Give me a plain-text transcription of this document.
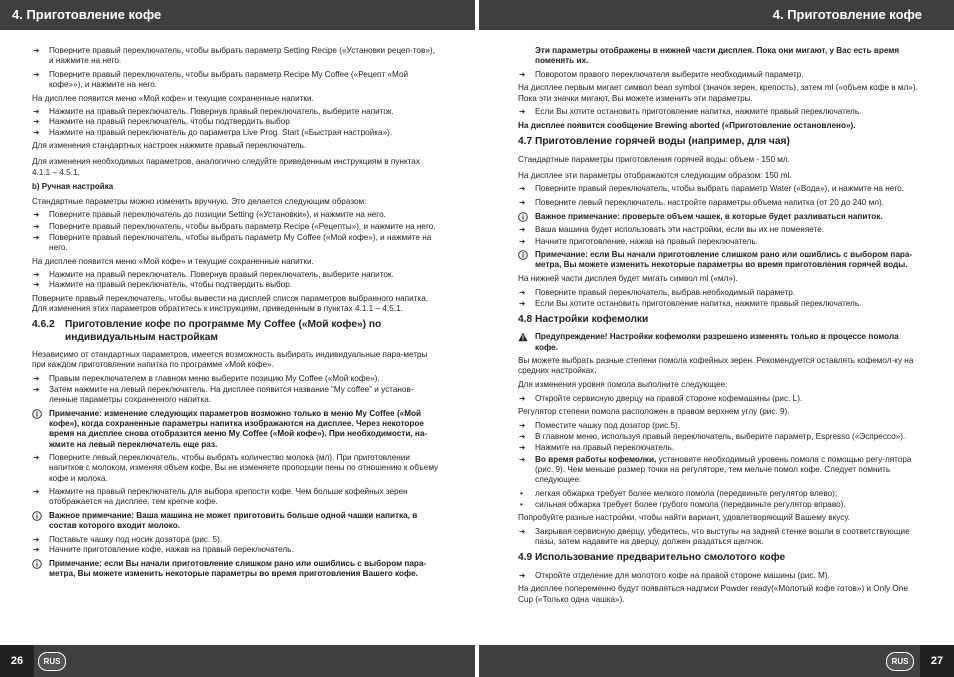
4. Приготовление кофе	4. Приготовление кофе
➔ Поверните правый переключатель, чтобы выбрать параметр Setting Recipe («Установки рецеп-тов»), и нажмите на него.
➔ Поверните правый переключатель, чтобы выбрать параметр Recipe My Coffee («Рецепт «Мой кофе»»), и нажмите на него.
На дисплее появится меню «Мой кофе» и текущие сохраненные напитки.
➔ Нажмите на правый переключатель. Повернув правый переключатель, выберите напиток.
➔ Нажмите на правый переключатель, чтобы подтвердить выбор
➔ Нажмите на правый переключатель до параметра Live Prog. Start («Быстрая настройка»).
Для изменения стандартных настроек нажмите правый переключатель.
Для изменения необходимых параметров, аналогично следуйте приведенным инструкциям в пунктах 4.1.1 – 4.5.1.
b) Ручная настройка
Стандартные параметры можно изменить вручную. Это делается следующим образом:
➔ Поверните правый переключатель до позиции Setting («Установки»), и нажмите на него.
➔ Поверните правый переключатель, чтобы выбрать параметр Recipe («Рецепты»), и нажмите на него.
➔ Поверните правый переключатель, чтобы выбрать параметр My Coffee («Мой кофе»), и нажмите на него.
На дисплее появится меню «Мой кофе» и текущие сохраненные напитки.
➔ Нажмите на правый переключатель. Повернув правый переключатель, выберите напиток.
➔ Нажмите на правый переключатель, чтобы подтвердить выбор.
Поверните правый переключатель, чтобы вывести на дисплей список параметров выбранного напитка. Для изменения этих параметров обратитесь к инструкциям, приведенным в пунктах 4.1.1 – 4.5.1.
4.6.2 Приготовление кофе по программе My Coffee («Мой кофе») по индивидуальным настройкам
Независимо от стандартных параметров, имеется возможность выбирать индивидуальные пара-метры при каждом приготовлении напитка по программе «Мой кофе».
➔ Правым переключателем в главном меню выберите позицию My Coffee («Мой кофе»).
➔ Затем нажмите на левый переключатель. На дисплее появится название “My coffee” и установ-ленные параметры сохраненного напитка.
Примечание: изменение следующих параметров возможно только в меню My Coffee («Мой кофе»), когда сохраненные параметры напитка изображаются на дисплее. Через некоторое время на дисплее снова отобразится меню My Coffee («Мой кофе»). При необходимости, на-жмите на левый переключатель еще раз.
➔ Поверните левый переключатель, чтобы выбрать количество молока (мл). При приготовлении напитков с молоком, изменяя объем кофе, Вы не изменяете пропорции пены по отношению к объему кофе и молока.
➔ Нажмите на правый переключатель для выбора крепости кофе. Чем больше кофейных зерен отображается на дисплее, тем крепче кофе.
Важное примечание: Ваша машина не может приготовить больше одной чашки напитка, в состав которого входит молоко.
➔ Поставьте чашку под носик дозатора (рис. 5).
➔ Начните приготовление кофе, нажав на правый переключатель.
Примечание: если Вы начали приготовление слишком рано или ошиблись с выбором пара-метра, Вы можете изменить некоторые параметры во время приготовления Вашего кофе.
Эти параметры отображены в нижней части дисплея. Пока они мигают, у Вас есть время поменять их.
➔ Поворотом правого переключателя выберите необходимый параметр.
На дисплее первым мигает символ bean symbol (значок зерен, крепость), затем ml («объем кофе в мл»). Пока эти значки мигают, Вы можете изменить эти параметры.
➔ Если Вы хотите остановить приготовление напитка, нажмите правый переключатель.
На дисплее появится сообщение Brewing aborted («Приготовление остановлено»).
4.7 Приготовление горячей воды (например, для чая)
Стандартные параметры приготовления горячей воды: объем - 150 мл.
На дисплее эти параметры отображаются следующим образом: 150 ml.
➔ Поверните правый переключатель, чтобы выбрать параметр Water («Вода»), и нажмите на него.
➔ Поверните левый переключатель, настройте параметры объема напитка (от 20 до 240 мл).
Важное примечание: проверьте объем чашек, в которые будет разливаться напиток.
➔ Ваша машина будет использовать эти настройки, если вы их не поменяете.
➔ Начните приготовление, нажав на правый переключатель.
Примечание: если Вы начали приготовление слишком рано или ошиблись с выбором пара-метра, Вы можете изменить некоторые параметры во время приготовления горячей воды.
На нижней части дисплея будет мигать символ ml («мл»).
➔ Поверните правый переключатель, выбрав необходимый параметр.
➔ Если Вы хотите остановить приготовление напитка, нажмите правый переключатель.
4.8 Настройки кофемолки
Предупреждение! Настройки кофемолки разрешено изменять только в процессе помола кофе.
Вы можете выбрать разные степени помола кофейных зерен. Рекомендуется оставлять кофемол-ку на средних настройках.
Для изменения уровня помола выполните следующее:
➔ Откройте сервисную дверцу на правой стороне кофемашины (рис. L).
Регулятор степени помола расположен в правом верхнем углу (рис. 9).
➔ Поместите чашку под дозатор (рис.5).
➔ В главном меню, используя правый переключатель, выберите параметр, Espresso («Эспрессо»).
➔ Нажмите на правый переключатель.
➔ Во время работы кофемолки, установите необходимый уровень помола с помощью регу-лятора (рис. 9). Чем меньше размер точки на регуляторе, тем мельче помол кофе. Следует помнить следующее:
• легкая обжарка требует более мелкого помола (передвиньте регулятор влево);
• сильная обжарка требует более грубого помола (передвиньте регулятор вправо).
Попробуйте разные настройки, чтобы найти вариант, удовлетворяющий Вашему вкусу.
➔ Закрывая сервисную дверцу, убедитесь, что выступы на задней стенке вошли в соответствующие пазы, затем надавите на дверцу, должен раздаться щелчок.
4.9 Использование предварительно смолотого кофе
➔ Откройте отделение для молотого кофе на правой стороне машины (рис. M).
На дисплее попеременно будут появляться надписи Powder ready(«Молотый кофе готов») и Only One Cup («Только одна чашка»).
26	RUS	RUS	27
